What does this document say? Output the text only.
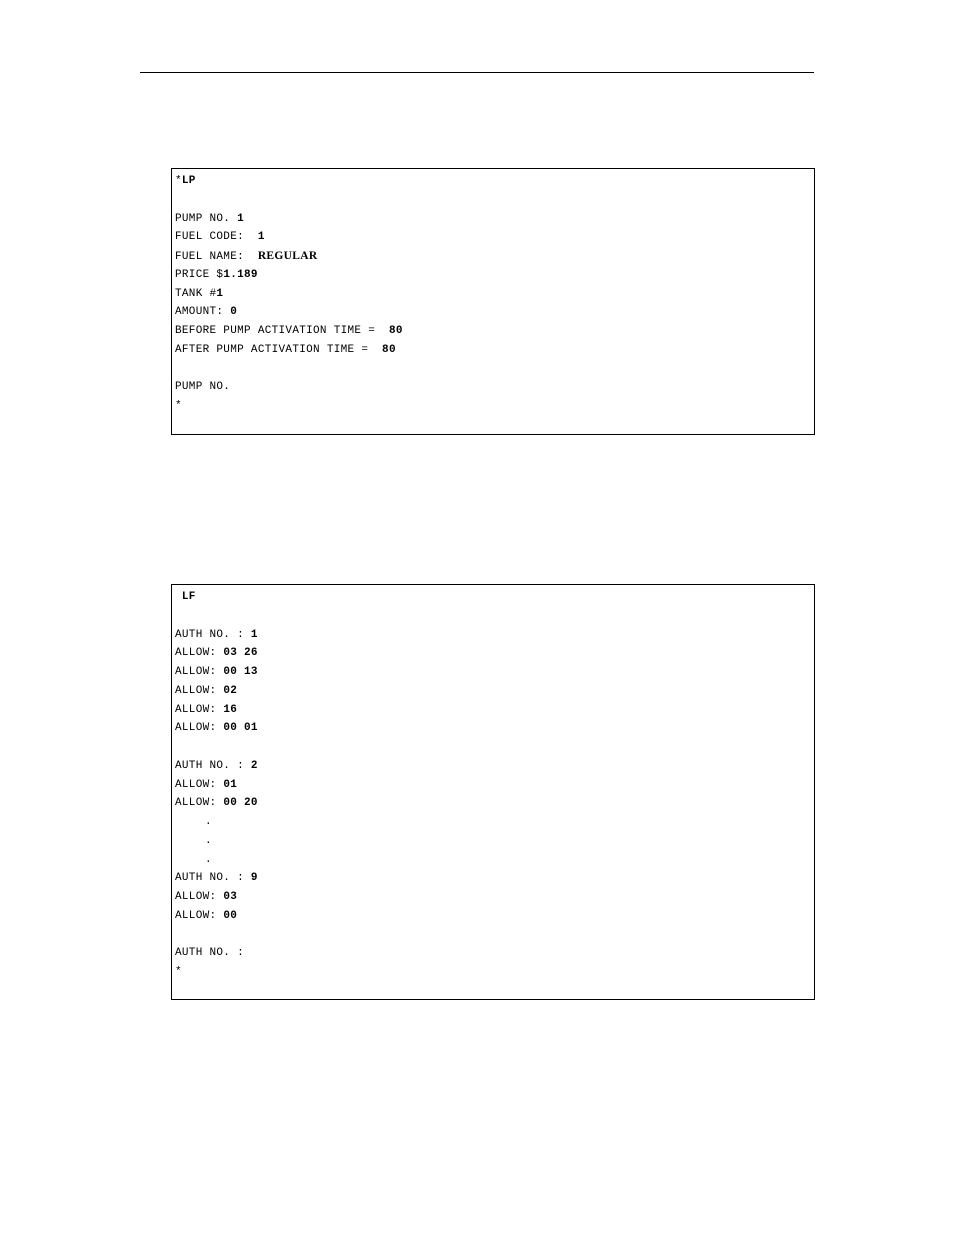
*LP
PUMP NO. 1
FUEL CODE:  1
FUEL NAME:  REGULAR
PRICE $1.189
TANK #1
AMOUNT: 0
BEFORE PUMP ACTIVATION TIME =  80
AFTER PUMP ACTIVATION TIME =  80
PUMP NO.
*
LF
AUTH NO. : 1
ALLOW: 03 26
ALLOW: 00 13
ALLOW: 02
ALLOW: 16
ALLOW: 00 01
AUTH NO. : 2
ALLOW: 01
ALLOW: 00 20
.
.
.
AUTH NO. : 9
ALLOW: 03
ALLOW: 00
AUTH NO. :
*
